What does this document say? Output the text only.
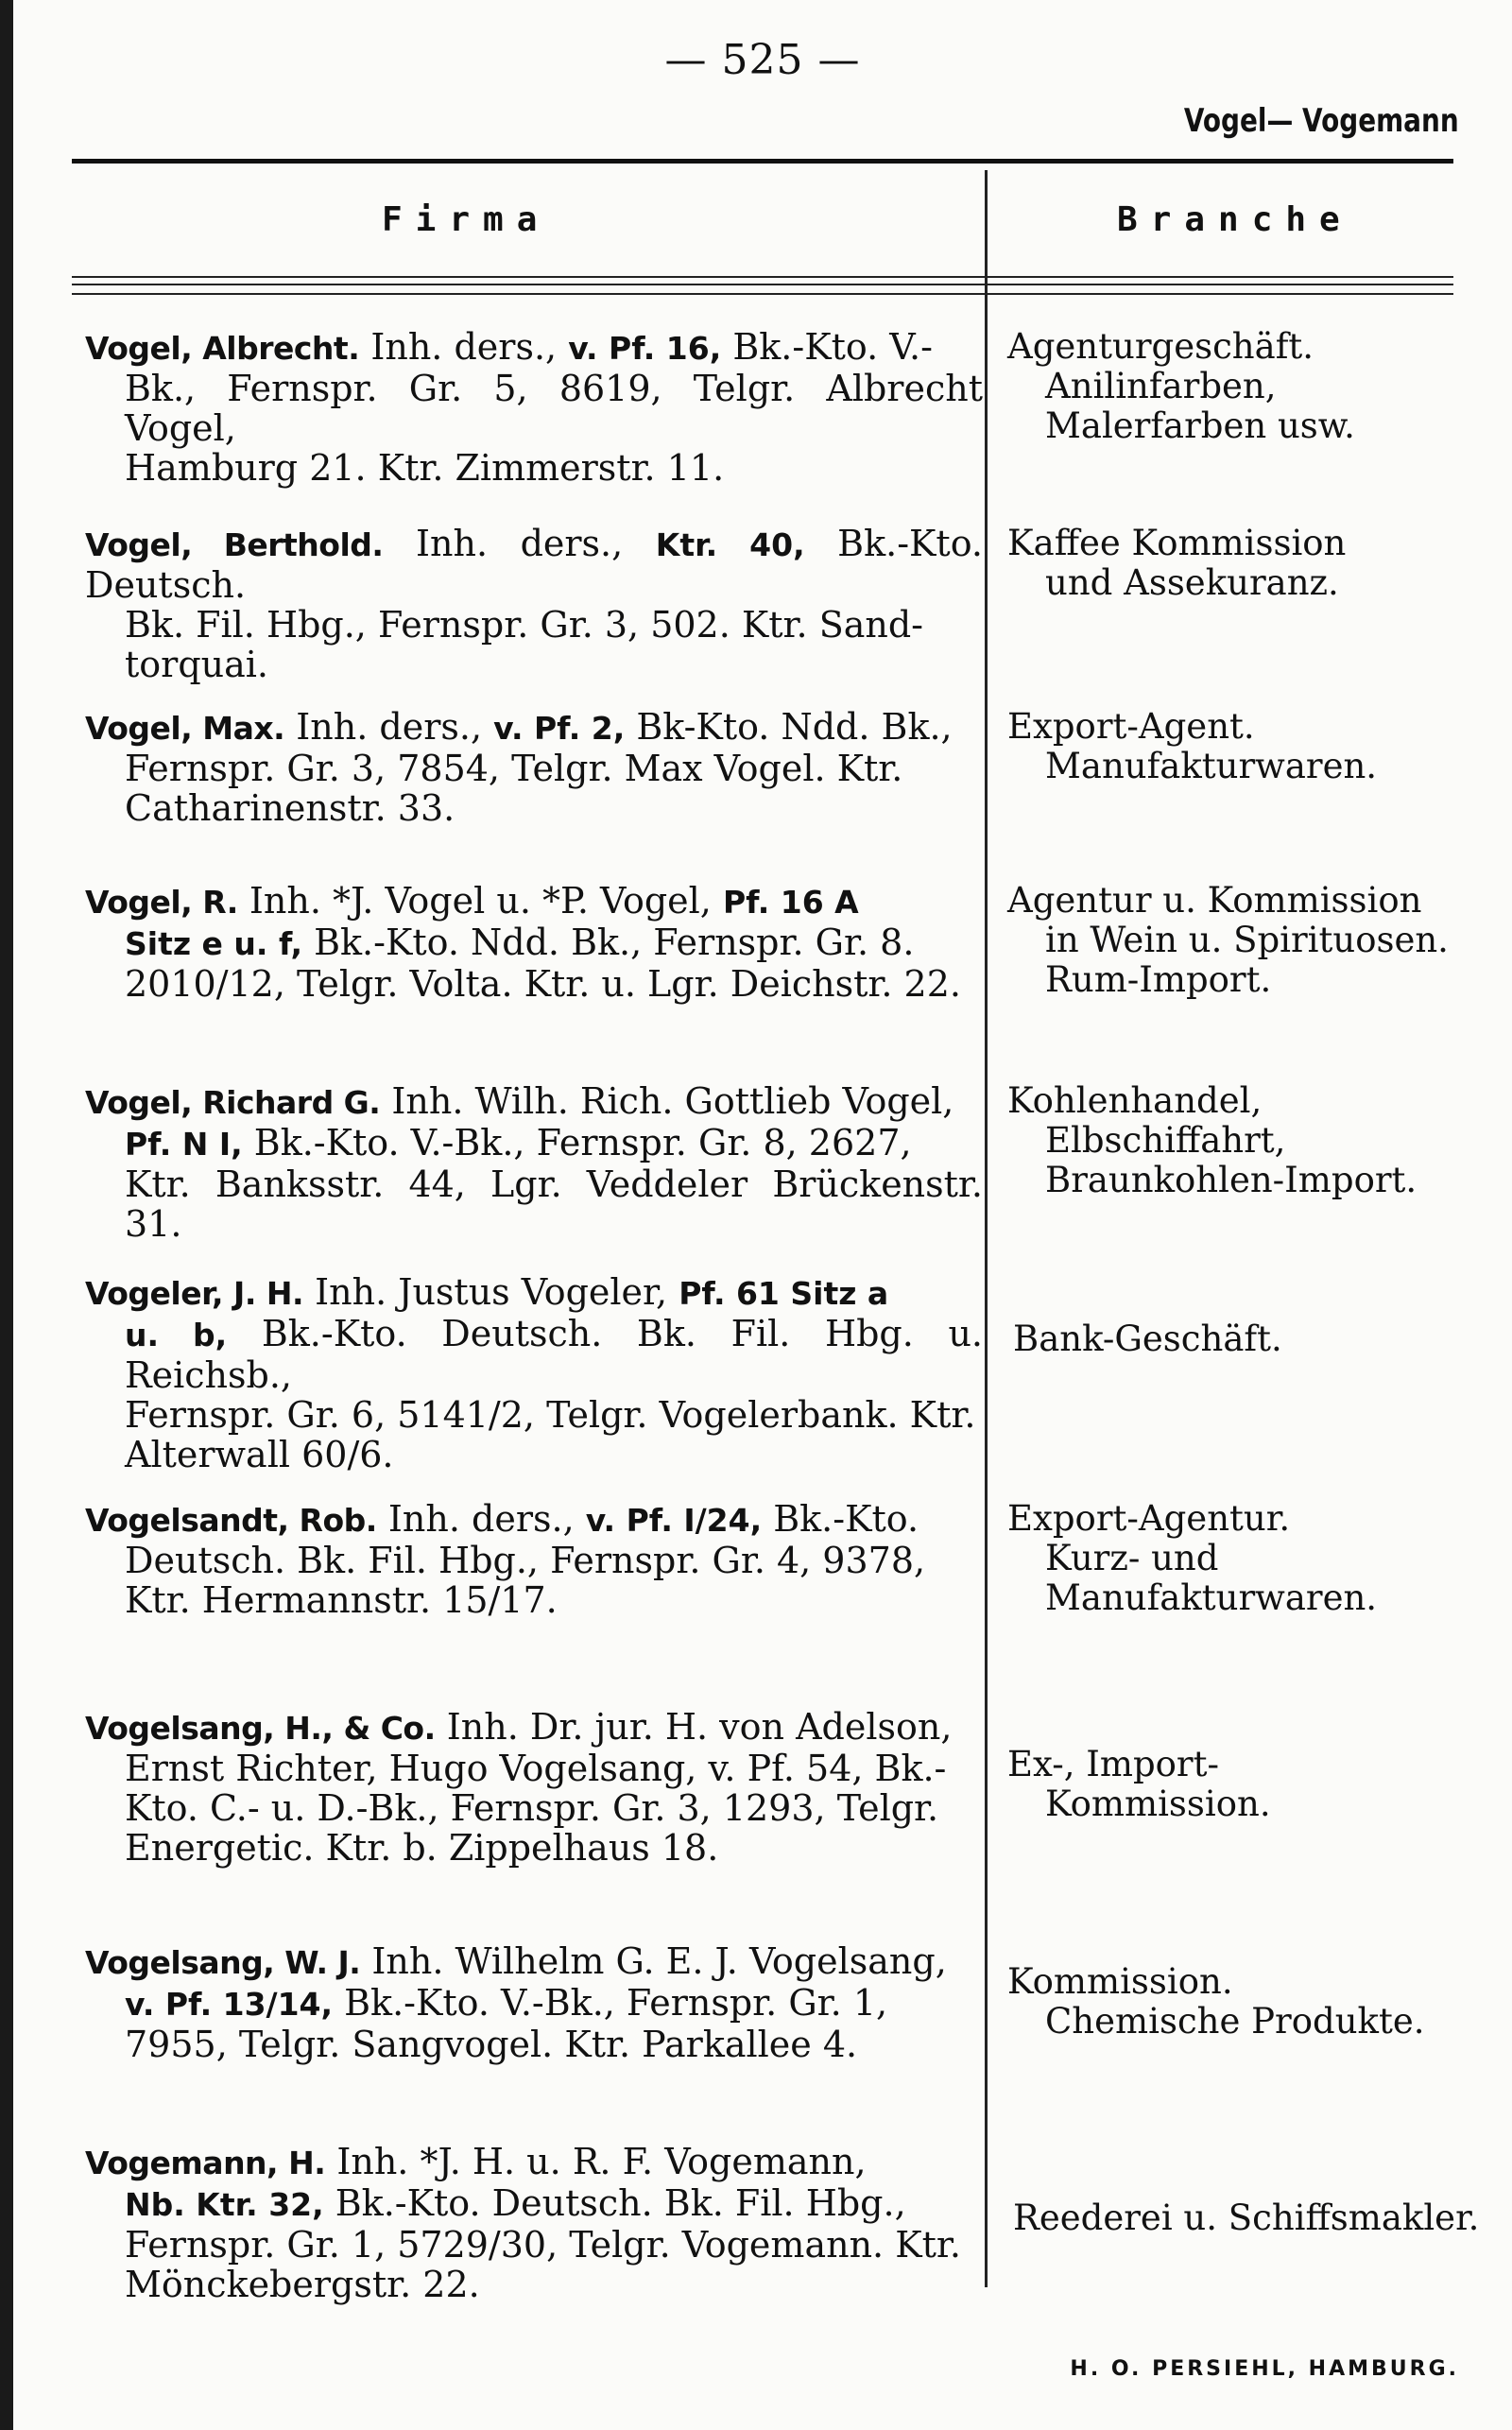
— 525 —
Vogel— Vogemann
Firma	Branche
Vogel, Albrecht. Inh. ders., v. Pf. 16, Bk.-Kto. V.-
Bk., Fernspr. Gr. 5, 8619, Telgr. Albrecht Vogel,
Hamburg 21. Ktr. Zimmerstr. 11.
Agenturgeschäft.
Anilinfarben,
Malerfarben usw.
Vogel, Berthold. Inh. ders., Ktr. 40, Bk.-Kto. Deutsch.
Bk. Fil. Hbg., Fernspr. Gr. 3, 502. Ktr. Sand-
torquai.
Kaffee Kommission
und Assekuranz.
Vogel, Max. Inh. ders., v. Pf. 2, Bk-Kto. Ndd. Bk.,
Fernspr. Gr. 3, 7854, Telgr. Max Vogel. Ktr.
Catharinenstr. 33.
Export-Agent.
Manufakturwaren.
Vogel, R. Inh. *J. Vogel u. *P. Vogel, Pf. 16 A
Sitz e u. f, Bk.-Kto. Ndd. Bk., Fernspr. Gr. 8.
2010/12, Telgr. Volta. Ktr. u. Lgr. Deichstr. 22.
Agentur u. Kommission
in Wein u. Spirituosen.
Rum-Import.
Vogel, Richard G. Inh. Wilh. Rich. Gottlieb Vogel,
Pf. N I, Bk.-Kto. V.-Bk., Fernspr. Gr. 8, 2627,
Ktr. Banksstr. 44, Lgr. Veddeler Brückenstr. 31.
Kohlenhandel,
Elbschiffahrt,
Braunkohlen-Import.
Vogeler, J. H. Inh. Justus Vogeler, Pf. 61 Sitz a
u. b, Bk.-Kto. Deutsch. Bk. Fil. Hbg. u. Reichsb.,
Fernspr. Gr. 6, 5141/2, Telgr. Vogelerbank. Ktr.
Alterwall 60/6.
Bank-Geschäft.
Vogelsandt, Rob. Inh. ders., v. Pf. I/24, Bk.-Kto.
Deutsch. Bk. Fil. Hbg., Fernspr. Gr. 4, 9378,
Ktr. Hermannstr. 15/17.
Export-Agentur.
Kurz- und
Manufakturwaren.
Vogelsang, H., & Co. Inh. Dr. jur. H. von Adelson,
Ernst Richter, Hugo Vogelsang, v. Pf. 54, Bk.-
Kto. C.- u. D.-Bk., Fernspr. Gr. 3, 1293, Telgr.
Energetic. Ktr. b. Zippelhaus 18.
Ex-, Import-
Kommission.
Vogelsang, W. J. Inh. Wilhelm G. E. J. Vogelsang,
v. Pf. 13/14, Bk.-Kto. V.-Bk., Fernspr. Gr. 1,
7955, Telgr. Sangvogel. Ktr. Parkallee 4.
Kommission.
Chemische Produkte.
Vogemann, H. Inh. *J. H. u. R. F. Vogemann,
Nb. Ktr. 32, Bk.-Kto. Deutsch. Bk. Fil. Hbg.,
Fernspr. Gr. 1, 5729/30, Telgr. Vogemann. Ktr.
Mönckebergstr. 22.
Reederei u. Schiffsmakler.
H. O. PERSIEHL, HAMBURG.
